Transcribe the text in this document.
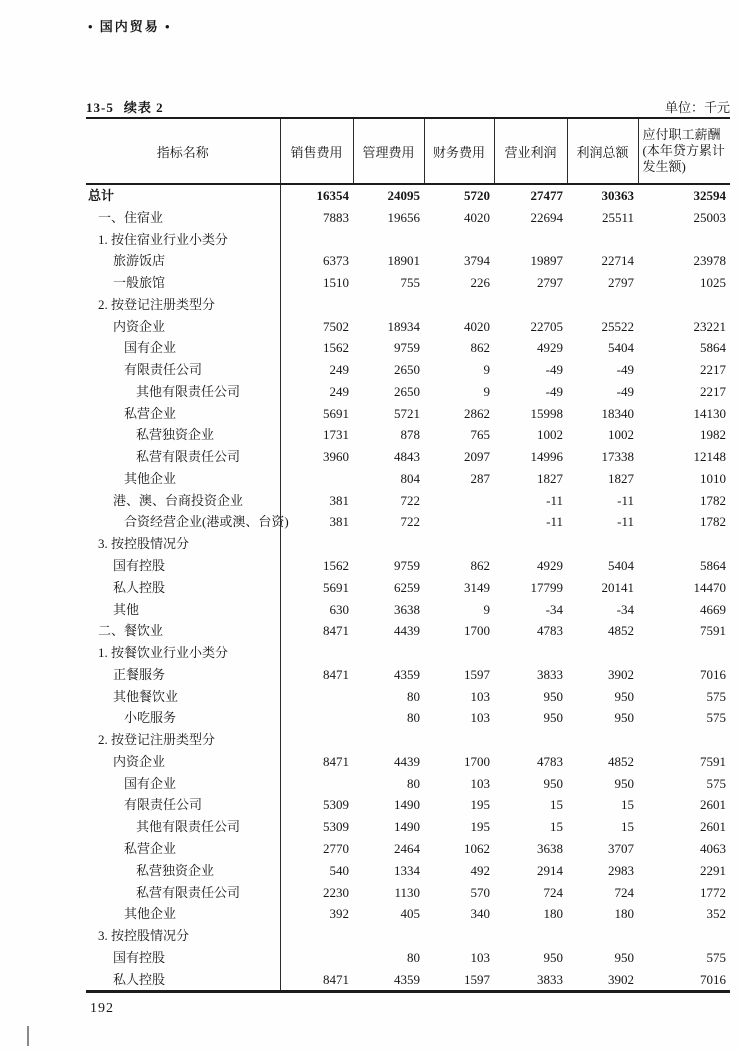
• 国内贸易 •
13-5 续表 2	单位：千元
指标名称	销售费用	管理费用	财务费用	营业利润	利润总额	应付职工薪酬(本年贷方累计发生额)
总计	16354	24095	5720	27477	30363	32594
一、住宿业	7883	19656	4020	22694	25511	25003
1. 按住宿业行业小类分						
旅游饭店	6373	18901	3794	19897	22714	23978
一般旅馆	1510	755	226	2797	2797	1025
2. 按登记注册类型分						
内资企业	7502	18934	4020	22705	25522	23221
国有企业	1562	9759	862	4929	5404	5864
有限责任公司	249	2650	9	-49	-49	2217
其他有限责任公司	249	2650	9	-49	-49	2217
私营企业	5691	5721	2862	15998	18340	14130
私营独资企业	1731	878	765	1002	1002	1982
私营有限责任公司	3960	4843	2097	14996	17338	12148
其他企业		804	287	1827	1827	1010
港、澳、台商投资企业	381	722		-11	-11	1782
合资经营企业(港或澳、台资)	381	722		-11	-11	1782
3. 按控股情况分						
国有控股	1562	9759	862	4929	5404	5864
私人控股	5691	6259	3149	17799	20141	14470
其他	630	3638	9	-34	-34	4669
二、餐饮业	8471	4439	1700	4783	4852	7591
1. 按餐饮业行业小类分						
正餐服务	8471	4359	1597	3833	3902	7016
其他餐饮业		80	103	950	950	575
小吃服务		80	103	950	950	575
2. 按登记注册类型分						
内资企业	8471	4439	1700	4783	4852	7591
国有企业		80	103	950	950	575
有限责任公司	5309	1490	195	15	15	2601
其他有限责任公司	5309	1490	195	15	15	2601
私营企业	2770	2464	1062	3638	3707	4063
私营独资企业	540	1334	492	2914	2983	2291
私营有限责任公司	2230	1130	570	724	724	1772
其他企业	392	405	340	180	180	352
3. 按控股情况分						
国有控股		80	103	950	950	575
私人控股	8471	4359	1597	3833	3902	7016
192
